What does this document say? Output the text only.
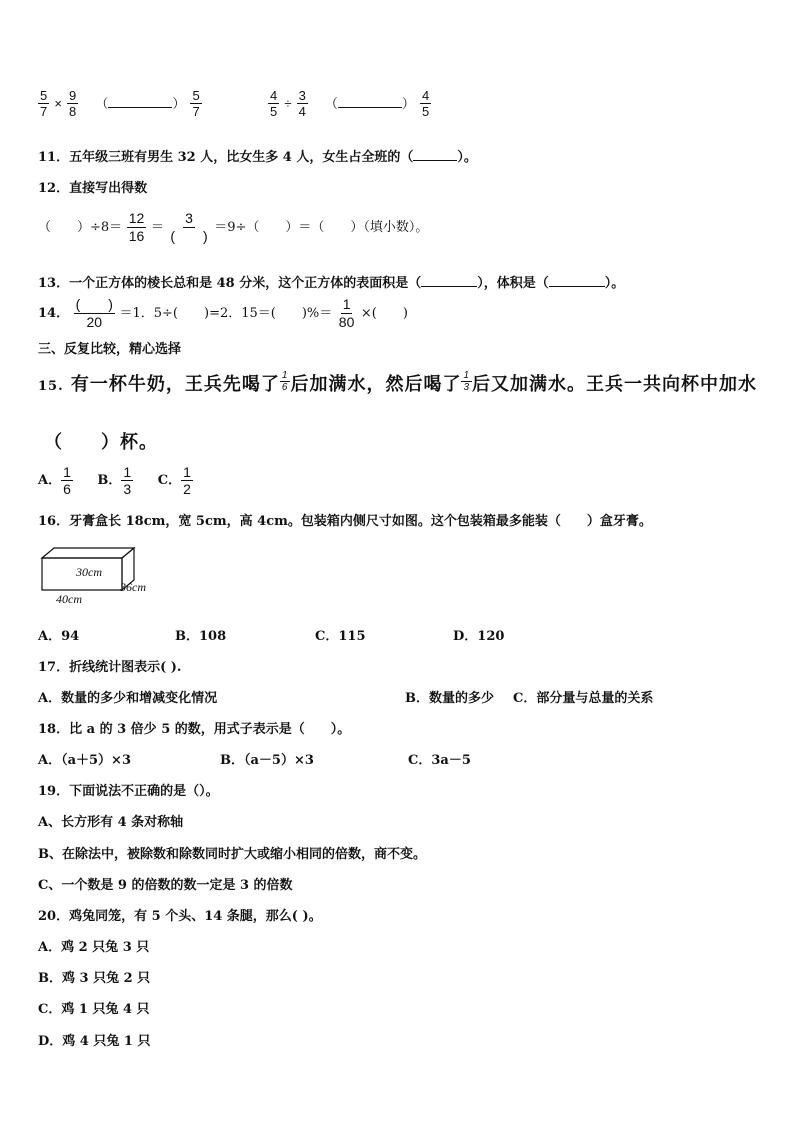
$\frac{5}{7} \times \frac{9}{8}$ （	） $\frac{5}{7}$	$\frac{4}{5} \div \frac{3}{4}$ （	） $\frac{4}{5}$
11．五年级三班有男生 32 人，比女生多 4 人，女生占全班的（	）。
12．直接写出得数
（　　）$\div 8= \frac{12}{16} = \frac{3}{( )} =9\div$（　　）＝（　　）（填小数）。
13．一个正方体的棱长总和是 48 分米，这个正方体的表面积是（	），体积是（	）。
14． $\frac{( )}{20} =1$．5÷(　　)=2．15＝(　　)%＝ $\frac{1}{80}$ ×(　　)
三、反复比较，精心选择
15. 有一杯牛奶，王兵先喝了 $\frac{1}{6}$ 后加满水，然后喝了 $\frac{1}{3}$ 后又加满水。王兵一共向杯中加水
（　　）杯。
A． $\frac{1}{6}$ B． $\frac{1}{3}$ C． $\frac{1}{2}$
16．牙膏盒长 18cm，宽 5cm，高 4cm。包装箱内侧尺寸如图。这个包装箱最多能装（　　）盒牙膏。
30cm
36cm
40cm
A．94	B．108	C．115	D．120
17．折线统计图表示( ).
A．数量的多少和增减变化情况	B．数量的多少 C．部分量与总量的关系
18．比 a 的 3 倍少 5 的数，用式子表示是（　　）。
A．（a＋5）×3	B．（a－5）×3	C．3a－5
19．下面说法不正确的是（）。
A、长方形有 4 条对称轴
B、在除法中，被除数和除数同时扩大或缩小相同的倍数，商不变。
C、一个数是 9 的倍数的数一定是 3 的倍数
20．鸡兔同笼，有 5 个头、14 条腿，那么( )。
A．鸡 2 只兔 3 只
B．鸡 3 只兔 2 只
C．鸡 1 只兔 4 只
D．鸡 4 只兔 1 只
